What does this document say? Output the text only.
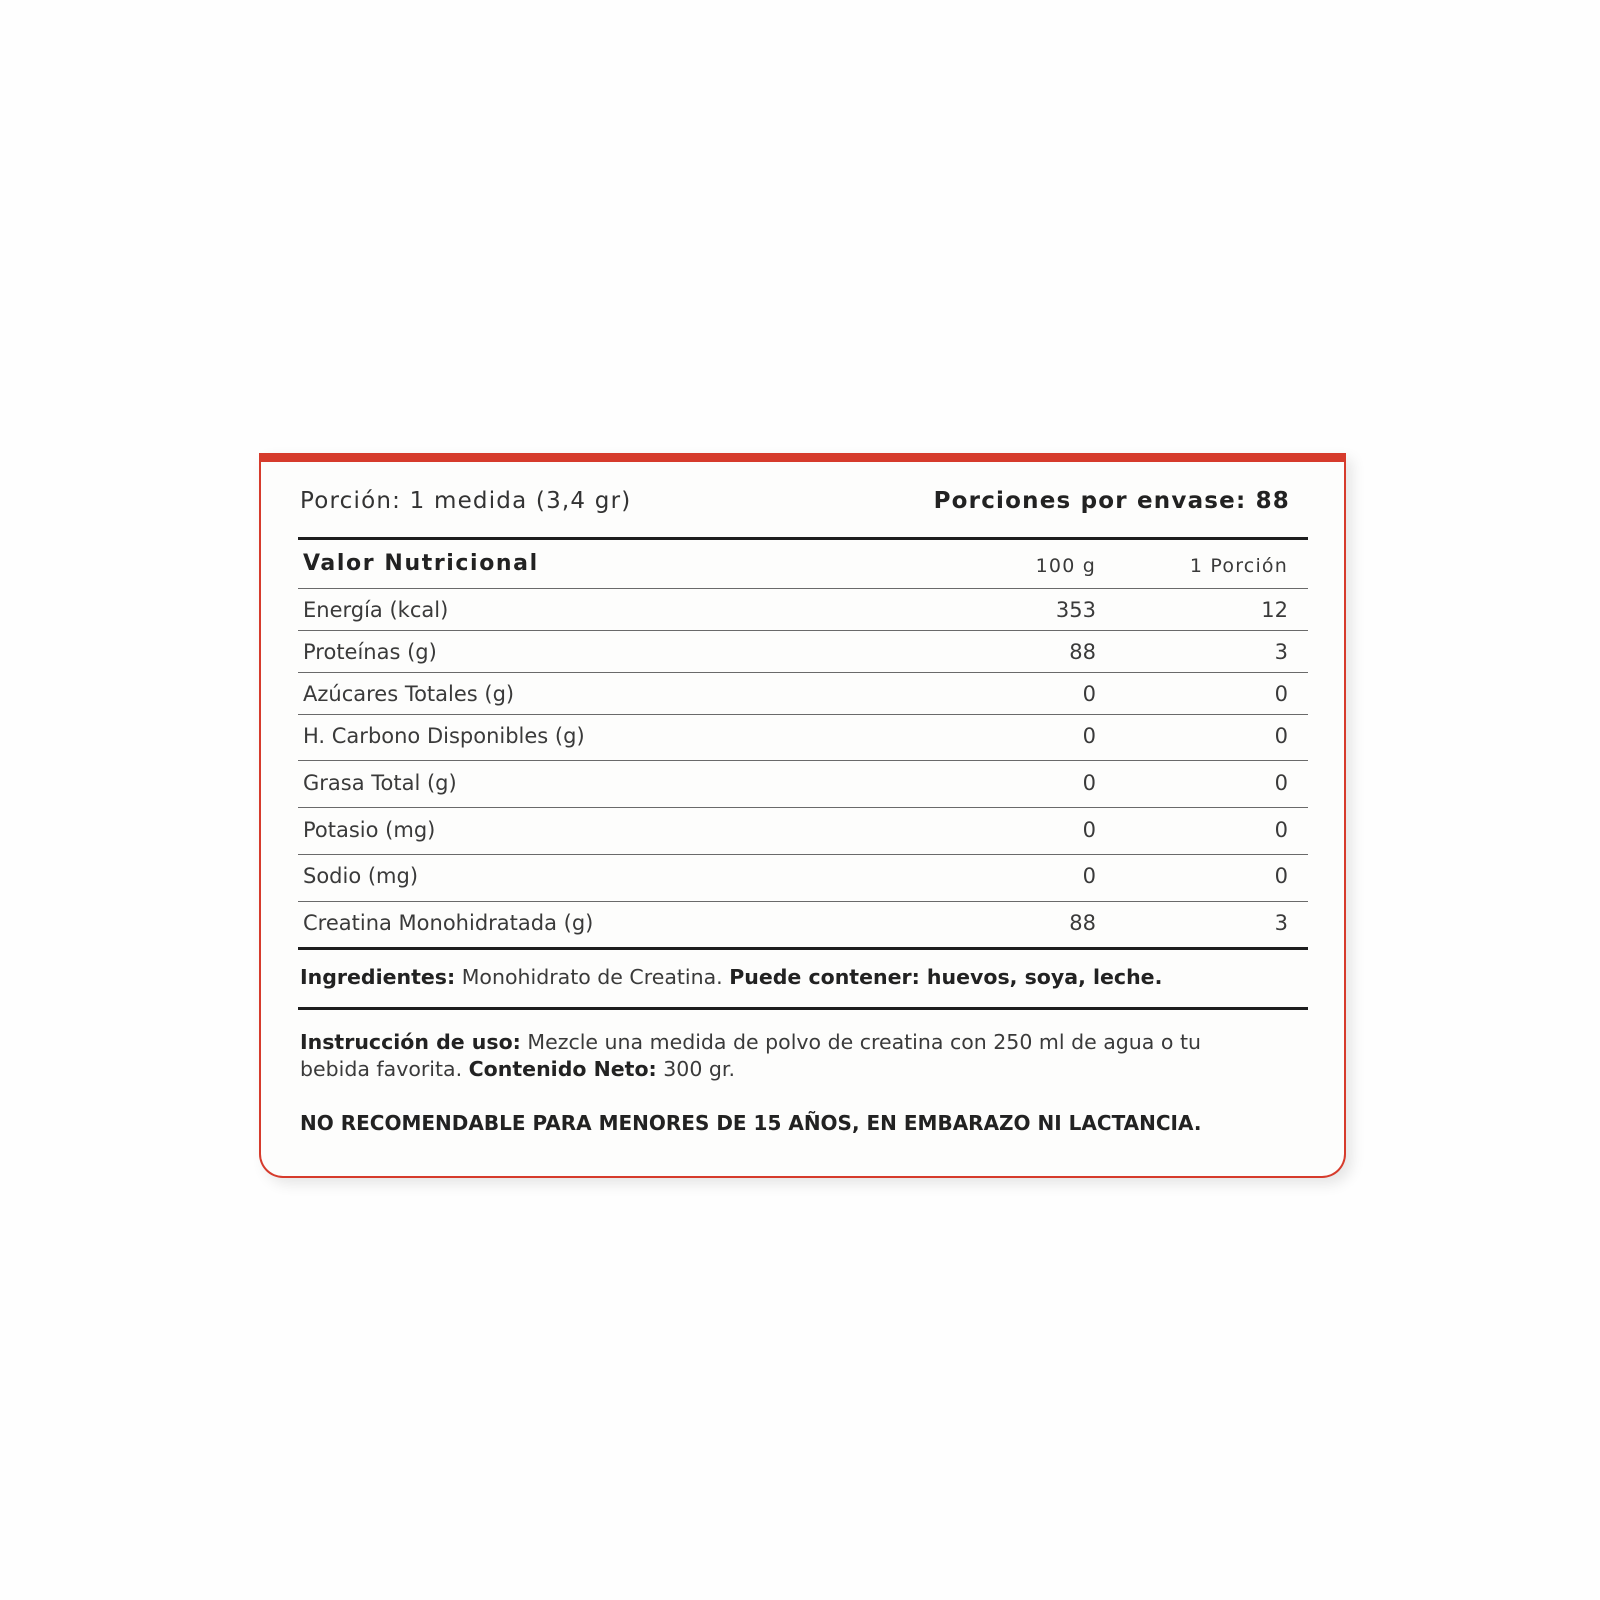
Porción: 1 medida (3,4 gr)	Porciones por envase: 88
Valor Nutricional	100 g	1 Porción
Energía (kcal)	353	12
Proteínas (g)	88	3
Azúcares Totales (g)	0	0
H. Carbono Disponibles (g)	0	0
Grasa Total (g)	0	0
Potasio (mg)	0	0
Sodio (mg)	0	0
Creatina Monohidratada (g)	88	3
Ingredientes: Monohidrato de Creatina. Puede contener: huevos, soya, leche.
Instrucción de uso: Mezcle una medida de polvo de creatina con 250 ml de agua o tu bebida favorita. Contenido Neto: 300 gr.
NO RECOMENDABLE PARA MENORES DE 15 AÑOS, EN EMBARAZO NI LACTANCIA.
